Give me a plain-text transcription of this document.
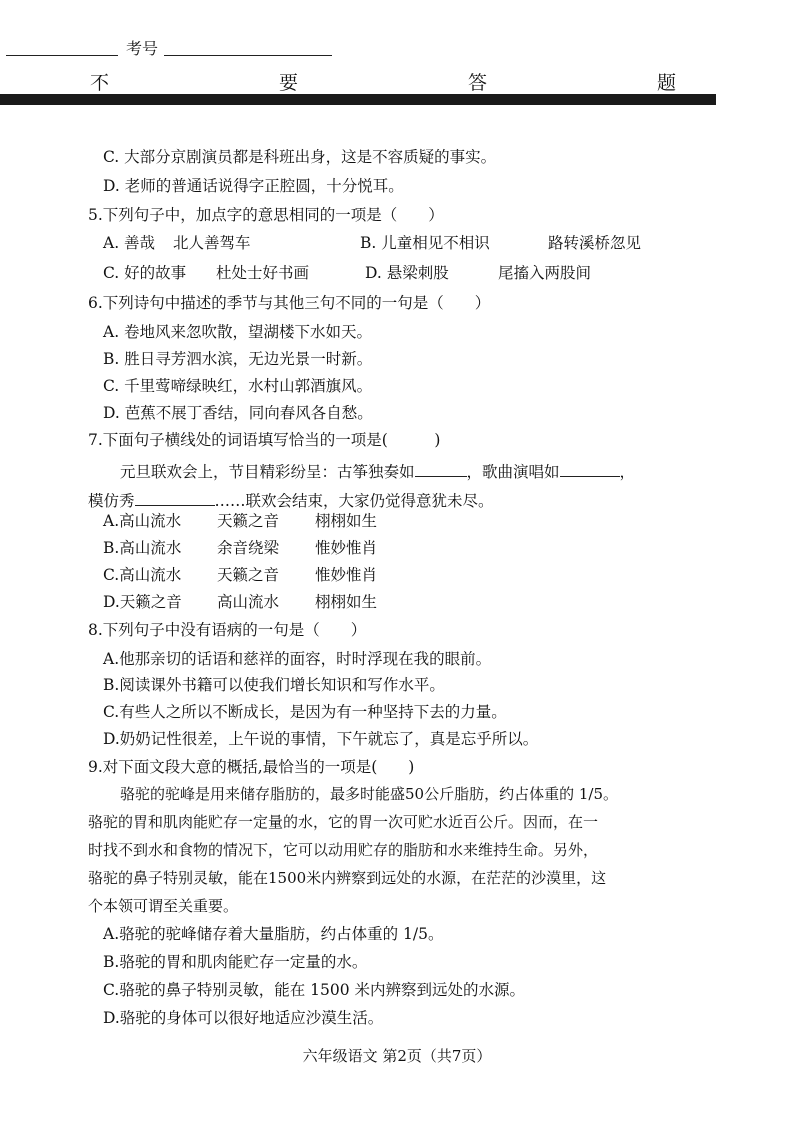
考号
不	要	答	题
C. 大部分京剧演员都是科班出身，这是不容质疑的事实。
D. 老师的普通话说得字正腔圆，十分悦耳。
5.下列句子中，加点字的意思相同的一项是（　　）
A. 善哉 北人善驾车	B. 儿童相见不相识	路转溪桥忽见
C. 好的故事 杜处士好书画	D. 悬梁刺股	尾搐入两股间
6.下列诗句中描述的季节与其他三句不同的一句是（　　）
A. 卷地风来忽吹散，望湖楼下水如天。
B. 胜日寻芳泗水滨，无边光景一时新。
C. 千里莺啼绿映红，水村山郭酒旗风。
D. 芭蕉不展丁香结，同向春风各自愁。
7.下面句子横线处的词语填写恰当的一项是(　　　)
元旦联欢会上，节目精彩纷呈：古筝独奏如	，歌曲演唱如	，
模仿秀	……联欢会结束，大家仍觉得意犹未尽。
A.高山流水 天籁之音 栩栩如生
B.高山流水 余音绕梁 惟妙惟肖
C.高山流水 天籁之音 惟妙惟肖
D.天籁之音 高山流水 栩栩如生
8.下列句子中没有语病的一句是（　　）
A.他那亲切的话语和慈祥的面容，时时浮现在我的眼前。
B.阅读课外书籍可以使我们增长知识和写作水平。
C.有些人之所以不断成长，是因为有一种坚持下去的力量。
D.奶奶记性很差，上午说的事情，下午就忘了，真是忘乎所以。
9.对下面文段大意的概括,最恰当的一项是(　　)
骆驼的驼峰是用来储存脂肪的，最多时能盛50公斤脂肪，约占体重的 1/5。
骆驼的胃和肌肉能贮存一定量的水，它的胃一次可贮水近百公斤。因而，在一
时找不到水和食物的情况下，它可以动用贮存的脂肪和水来维持生命。另外，
骆驼的鼻子特别灵敏，能在1500米内辨察到远处的水源，在茫茫的沙漠里，这
个本领可谓至关重要。
A.骆驼的驼峰储存着大量脂肪，约占体重的 1/5。
B.骆驼的胃和肌肉能贮存一定量的水。
C.骆驼的鼻子特别灵敏，能在 1500 米内辨察到远处的水源。
D.骆驼的身体可以很好地适应沙漠生活。
六年级语文 第2页（共7页）
